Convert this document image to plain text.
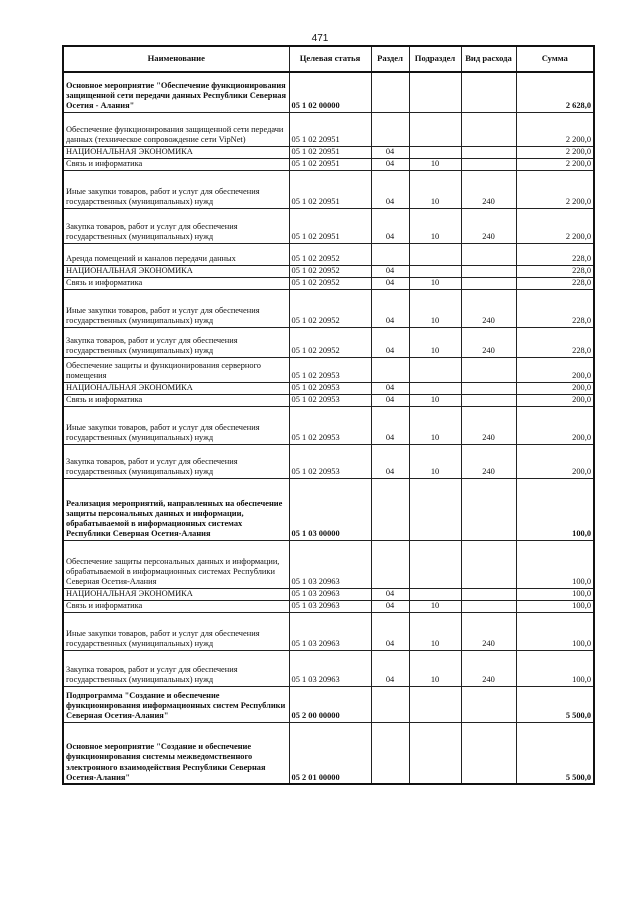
471
Наименование	Целевая статья	Раздел	Подраздел	Вид расхода	Сумма
Основное мероприятие "Обеспечение функционирования защищенной сети передачи данных Республики Северная Осетия - Алания"	05 1 02 00000				2 628,0
Обеспечение функционирования защищенной сети передачи данных (техническое сопровождение сети VipNet)	05 1 02 20951				2 200,0
НАЦИОНАЛЬНАЯ ЭКОНОМИКА	05 1 02 20951	04			2 200,0
Связь и информатика	05 1 02 20951	04	10		2 200,0
Иные закупки товаров, работ и услуг для обеспечения государственных (муниципальных) нужд	05 1 02 20951	04	10	240	2 200,0
Закупка товаров, работ и услуг для обеспечения государственных (муниципальных) нужд	05 1 02 20951	04	10	240	2 200,0
Аренда помещений и каналов передачи данных	05 1 02 20952				228,0
НАЦИОНАЛЬНАЯ ЭКОНОМИКА	05 1 02 20952	04			228,0
Связь и информатика	05 1 02 20952	04	10		228,0
Иные закупки товаров, работ и услуг для обеспечения государственных (муниципальных) нужд	05 1 02 20952	04	10	240	228,0
Закупка товаров, работ и услуг для обеспечения государственных (муниципальных) нужд	05 1 02 20952	04	10	240	228,0
Обеспечение защиты и функционирования серверного помещения	05 1 02 20953				200,0
НАЦИОНАЛЬНАЯ ЭКОНОМИКА	05 1 02 20953	04			200,0
Связь и информатика	05 1 02 20953	04	10		200,0
Иные закупки товаров, работ и услуг для обеспечения государственных (муниципальных) нужд	05 1 02 20953	04	10	240	200,0
Закупка товаров, работ и услуг для обеспечения государственных (муниципальных) нужд	05 1 02 20953	04	10	240	200,0
Реализация мероприятий, направленных на обеспечение защиты персональных данных и информации, обрабатываемой в информационных системах Республики Северная Осетия-Алания	05 1 03 00000				100,0
Обеспечение защиты персональных данных и информации, обрабатываемой в информационных системах Республики Северная Осетия-Алания	05 1 03 20963				100,0
НАЦИОНАЛЬНАЯ ЭКОНОМИКА	05 1 03 20963	04			100,0
Связь и информатика	05 1 03 20963	04	10		100,0
Иные закупки товаров, работ и услуг для обеспечения государственных (муниципальных) нужд	05 1 03 20963	04	10	240	100,0
Закупка товаров, работ и услуг для обеспечения государственных (муниципальных) нужд	05 1 03 20963	04	10	240	100,0
Подпрограмма "Создание и обеспечение функционирования информационных систем Республики Северная Осетия-Алания"	05 2 00 00000				5 500,0
Основное мероприятие "Создание и обеспечение функционирования системы межведомственного электронного взаимодействия Республики Северная Осетия-Алания"	05 2 01 00000				5 500,0
